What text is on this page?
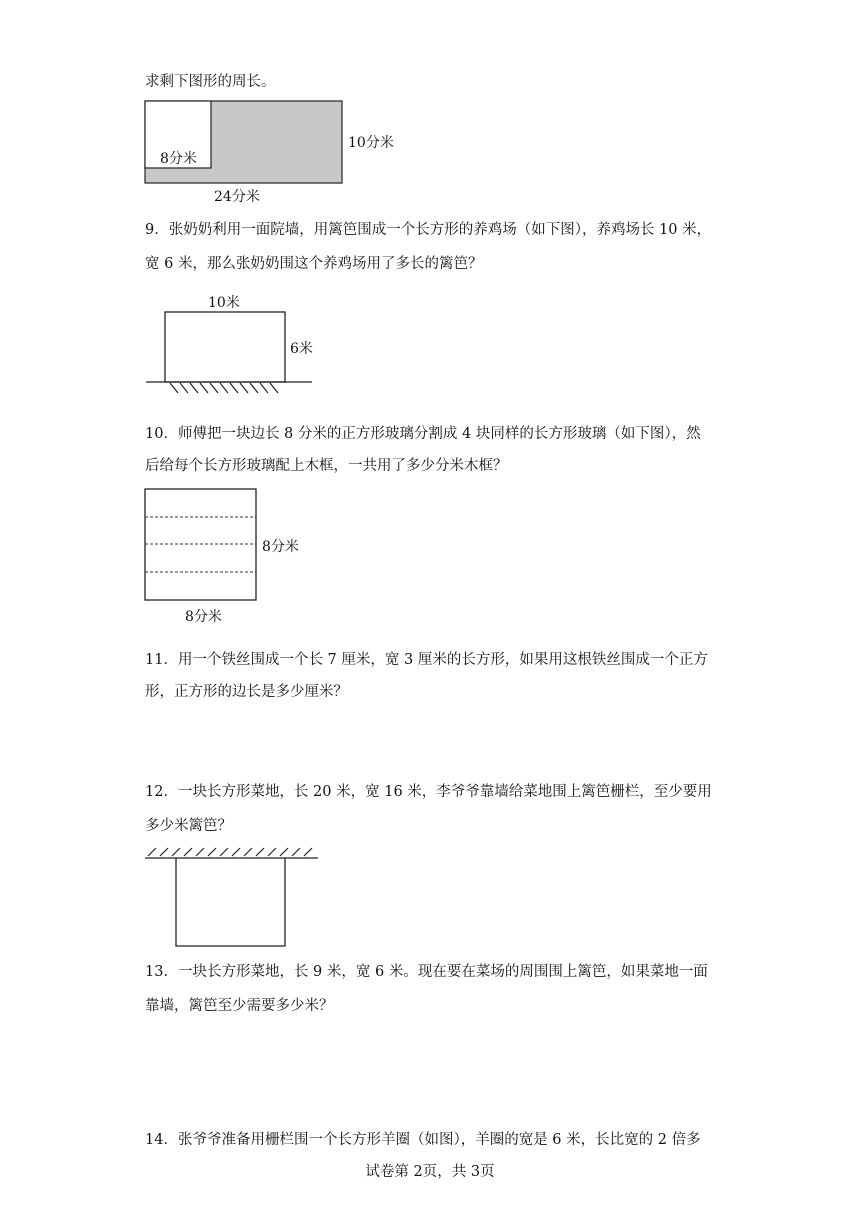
求剩下图形的周长。
8分米
10分米
24分米
9．张奶奶利用一面院墙，用篱笆围成一个长方形的养鸡场（如下图），养鸡场长 10 米，
宽 6 米，那么张奶奶围这个养鸡场用了多长的篱笆？
10米
6米
10．师傅把一块边长 8 分米的正方形玻璃分割成 4 块同样的长方形玻璃（如下图），然
后给每个长方形玻璃配上木框，一共用了多少分米木框？
8分米
8分米
11．用一个铁丝围成一个长 7 厘米，宽 3 厘米的长方形，如果用这根铁丝围成一个正方
形，正方形的边长是多少厘米？
12．一块长方形菜地，长 20 米，宽 16 米，李爷爷靠墙给菜地围上篱笆栅栏，至少要用
多少米篱笆？
13．一块长方形菜地，长 9 米，宽 6 米。现在要在菜场的周围围上篱笆，如果菜地一面
靠墙，篱笆至少需要多少米？
14．张爷爷准备用栅栏围一个长方形羊圈（如图），羊圈的宽是 6 米，长比宽的 2 倍多
试卷第 2页，共 3页
